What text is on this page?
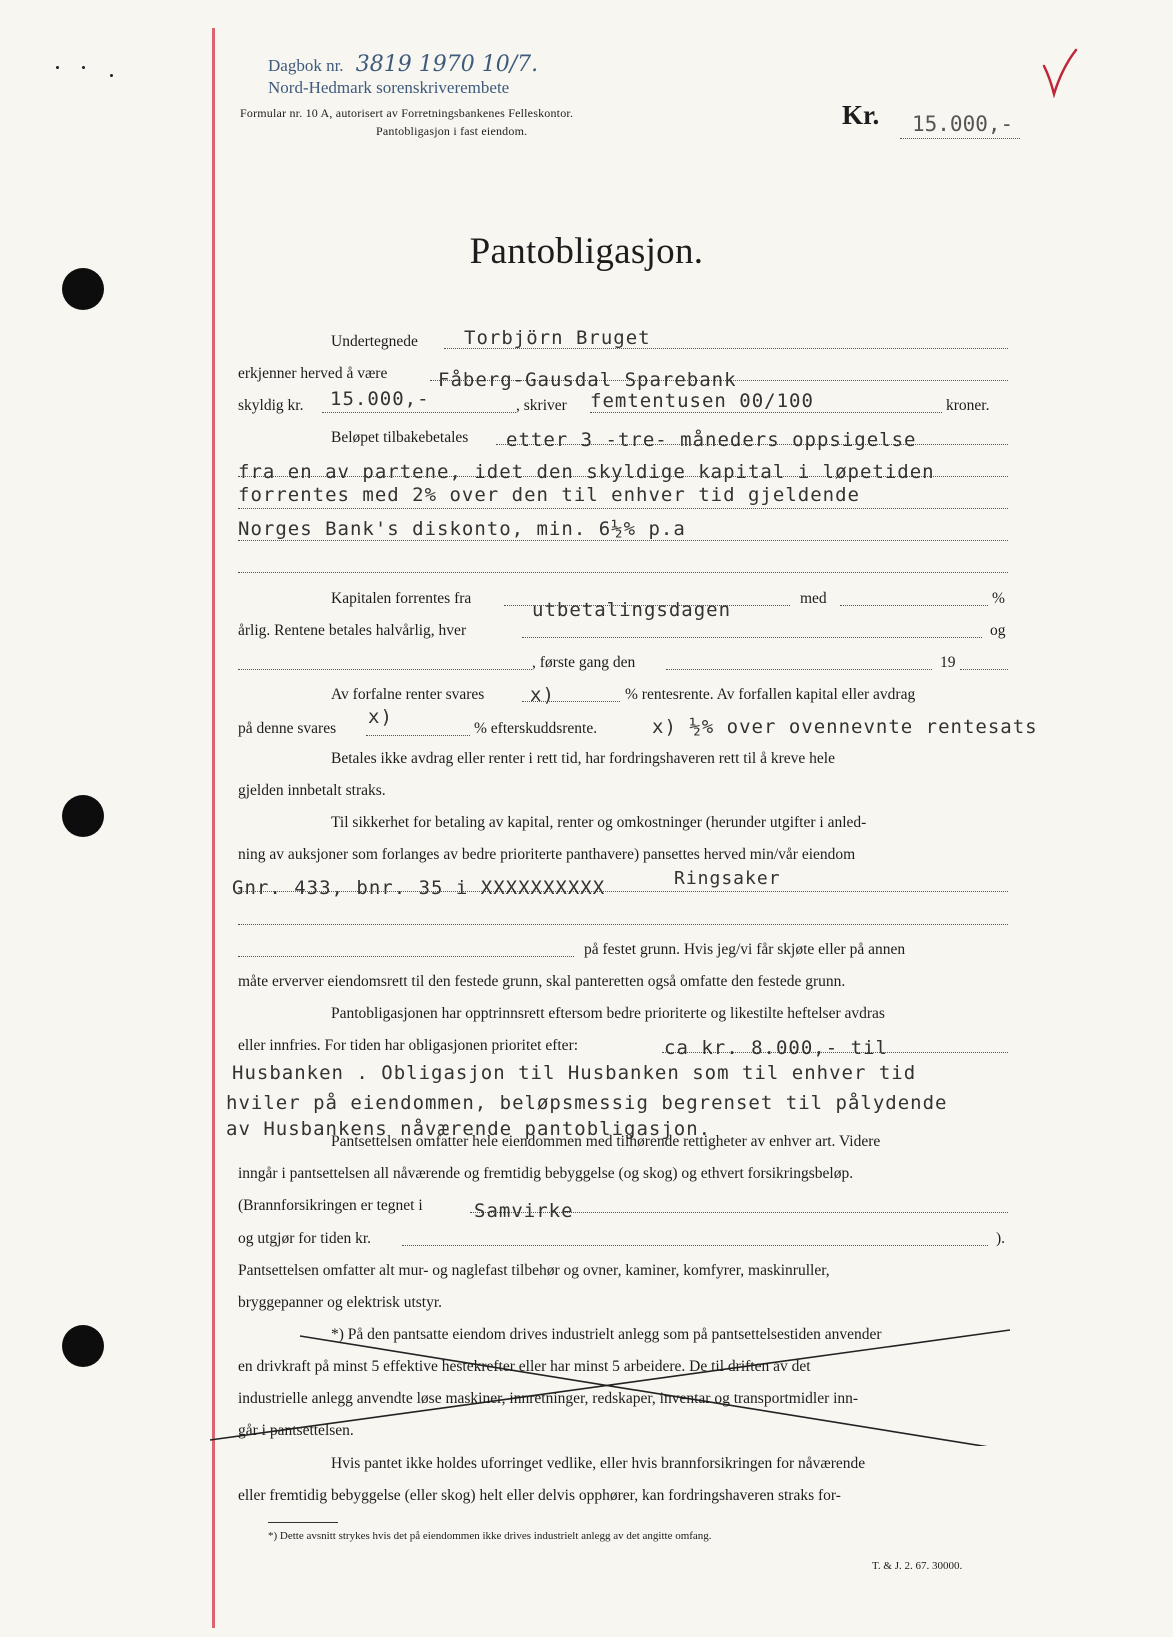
Dagbok nr. 3819 1970 10/7.
Nord-Hedmark sorenskriverembete
Formular nr. 10 A, autorisert av Forretningsbankenes Felleskontor.
Pantobligasjon i fast eiendom.
Kr. 15.000,-
Pantobligasjon.
Undertegnede Torbjörn Bruget
erkjenner herved å være	Fåberg-Gausdal Sparebank
skyldig kr. 15.000,-	, skriver femtentusen 00/100	kroner.
Beløpet tilbakebetales etter 3 -tre- måneders oppsigelse
fra en av partene, idet den skyldige kapital i løpetiden
forrentes med 2% over den til enhver tid gjeldende
Norges Bank's diskonto, min. 6½% p.a
Kapitalen forrentes fra
utbetalingsdagen
med	%
årlig. Rentene betales halvårlig, hver	og
, første gang den	19
Av forfalne renter svares x)	% rentesrente. Av forfallen kapital eller avdrag
på denne svares
x)
% efterskuddsrente.	x) ½% over ovennevnte rentesats
Betales ikke avdrag eller renter i rett tid, har fordringshaveren rett til å kreve hele
gjelden innbetalt straks.
Til sikkerhet for betaling av kapital, renter og omkostninger (herunder utgifter i anled-
ning av auksjoner som forlanges av bedre prioriterte panthavere) pansettes herved min/vår eiendom
Gnr. 433, bnr. 35 i XXXXXXXXXX	Ringsaker
på festet grunn. Hvis jeg/vi får skjøte eller på annen
måte erverver eiendomsrett til den festede grunn, skal panteretten også omfatte den festede grunn.
Pantobligasjonen har opptrinnsrett eftersom bedre prioriterte og likestilte heftelser avdras
eller innfries. For tiden har obligasjonen prioritet efter:	ca kr. 8.000,- til
Husbanken . Obligasjon til Husbanken som til enhver tid
hviler på eiendommen, beløpsmessig begrenset til pålydende
av Husbankens nåværende pantobligasjon.
Pantsettelsen omfatter hele eiendommen med tilhørende rettigheter av enhver art. Videre
inngår i pantsettelsen all nåværende og fremtidig bebyggelse (og skog) og ethvert forsikringsbeløp.
(Brannforsikringen er tegnet i	Samvirke
og utgjør for tiden kr.	).
Pantsettelsen omfatter alt mur- og naglefast tilbehør og ovner, kaminer, komfyrer, maskinruller,
bryggepanner og elektrisk utstyr.
*) På den pantsatte eiendom drives industrielt anlegg som på pantsettelsestiden anvender
en drivkraft på minst 5 effektive hestekrefter eller har minst 5 arbeidere. De til driften av det
industrielle anlegg anvendte løse maskiner, innretninger, redskaper, inventar og transportmidler inn-
går i pantsettelsen.
Hvis pantet ikke holdes uforringet vedlike, eller hvis brannforsikringen for nåværende
eller fremtidig bebyggelse (eller skog) helt eller delvis opphører, kan fordringshaveren straks for-
*) Dette avsnitt strykes hvis det på eiendommen ikke drives industrielt anlegg av det angitte omfang.
T. & J. 2. 67. 30000.
